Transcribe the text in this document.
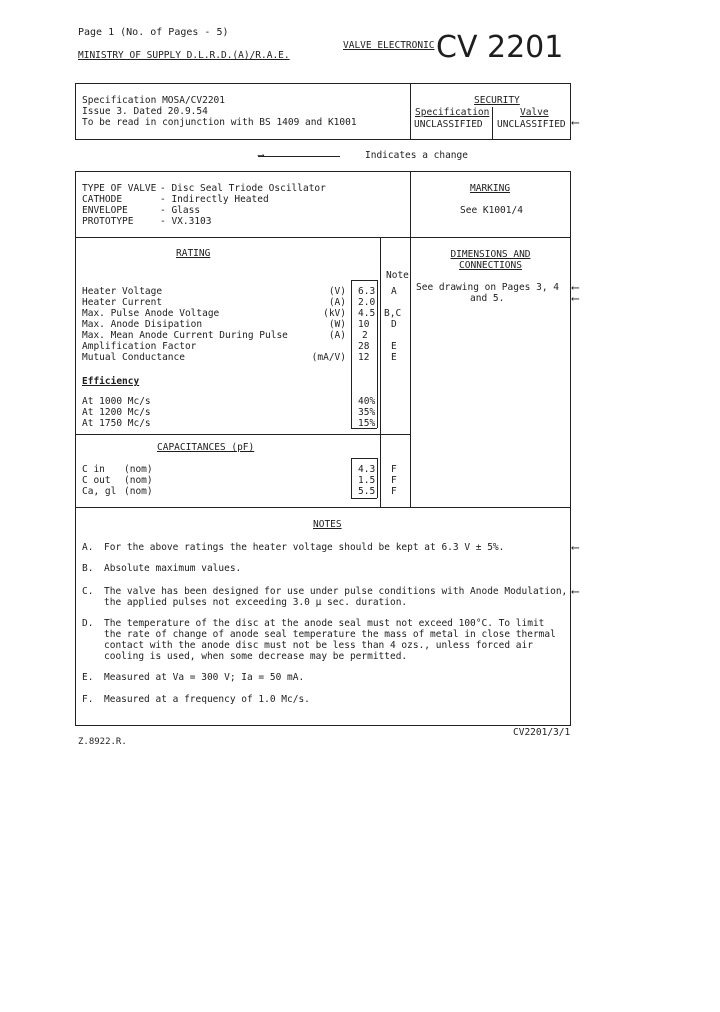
Page 1 (No. of Pages - 5)
MINISTRY OF SUPPLY D.L.R.D.(A)/R.A.E.
VALVE ELECTRONIC CV 2201
Specification MOSA/CV2201
Issue 3. Dated 20.9.54
To be read in conjunction with BS 1409 and K1001
SECURITY
Specification	Valve
UNCLASSIFIED UNCLASSIFIED ⟵
⟶	Indicates a change
TYPE OF VALVE - Disc Seal Triode Oscillator
CATHODE	- Indirectly Heated
ENVELOPE	- Glass
PROTOTYPE	- VX.3103
MARKING
See K1001/4
RATING
Note
Heater Voltage	(V) 6.3 A
Heater Current	(A) 2.0
Max. Pulse Anode Voltage	(kV) 4.5 B,C
Max. Anode Disipation	(W) 10 D
Max. Mean Anode Current During Pulse	(A) 2
Amplification Factor	28 E
Mutual Conductance	(mA/V) 12 E
Efficiency
At 1000 Mc/s	40%
At 1200 Mc/s	35%
At 1750 Mc/s	15%
DIMENSIONS AND
CONNECTIONS
See drawing on Pages 3, 4
and 5.
⟵
⟵
CAPACITANCES (pF)
C in (nom)	4.3 F
C out (nom)	1.5 F
Ca, gl (nom)	5.5 F
NOTES
A. For the above ratings the heater voltage should be kept at 6.3 V ± 5%.	⟵
B. Absolute maximum values.
C. The valve has been designed for use under pulse conditions with Anode Modulation,
the applied pulses not exceeding 3.0 µ sec. duration.
⟵
D. The temperature of the disc at the anode seal must not exceed 100°C. To limit
the rate of change of anode seal temperature the mass of metal in close thermal
contact with the anode disc must not be less than 4 ozs., unless forced air
cooling is used, when some decrease may be permitted.
E. Measured at Va = 300 V; Ia = 50 mA.
F. Measured at a frequency of 1.0 Mc/s.
CV2201/3/1
Z.8922.R.
